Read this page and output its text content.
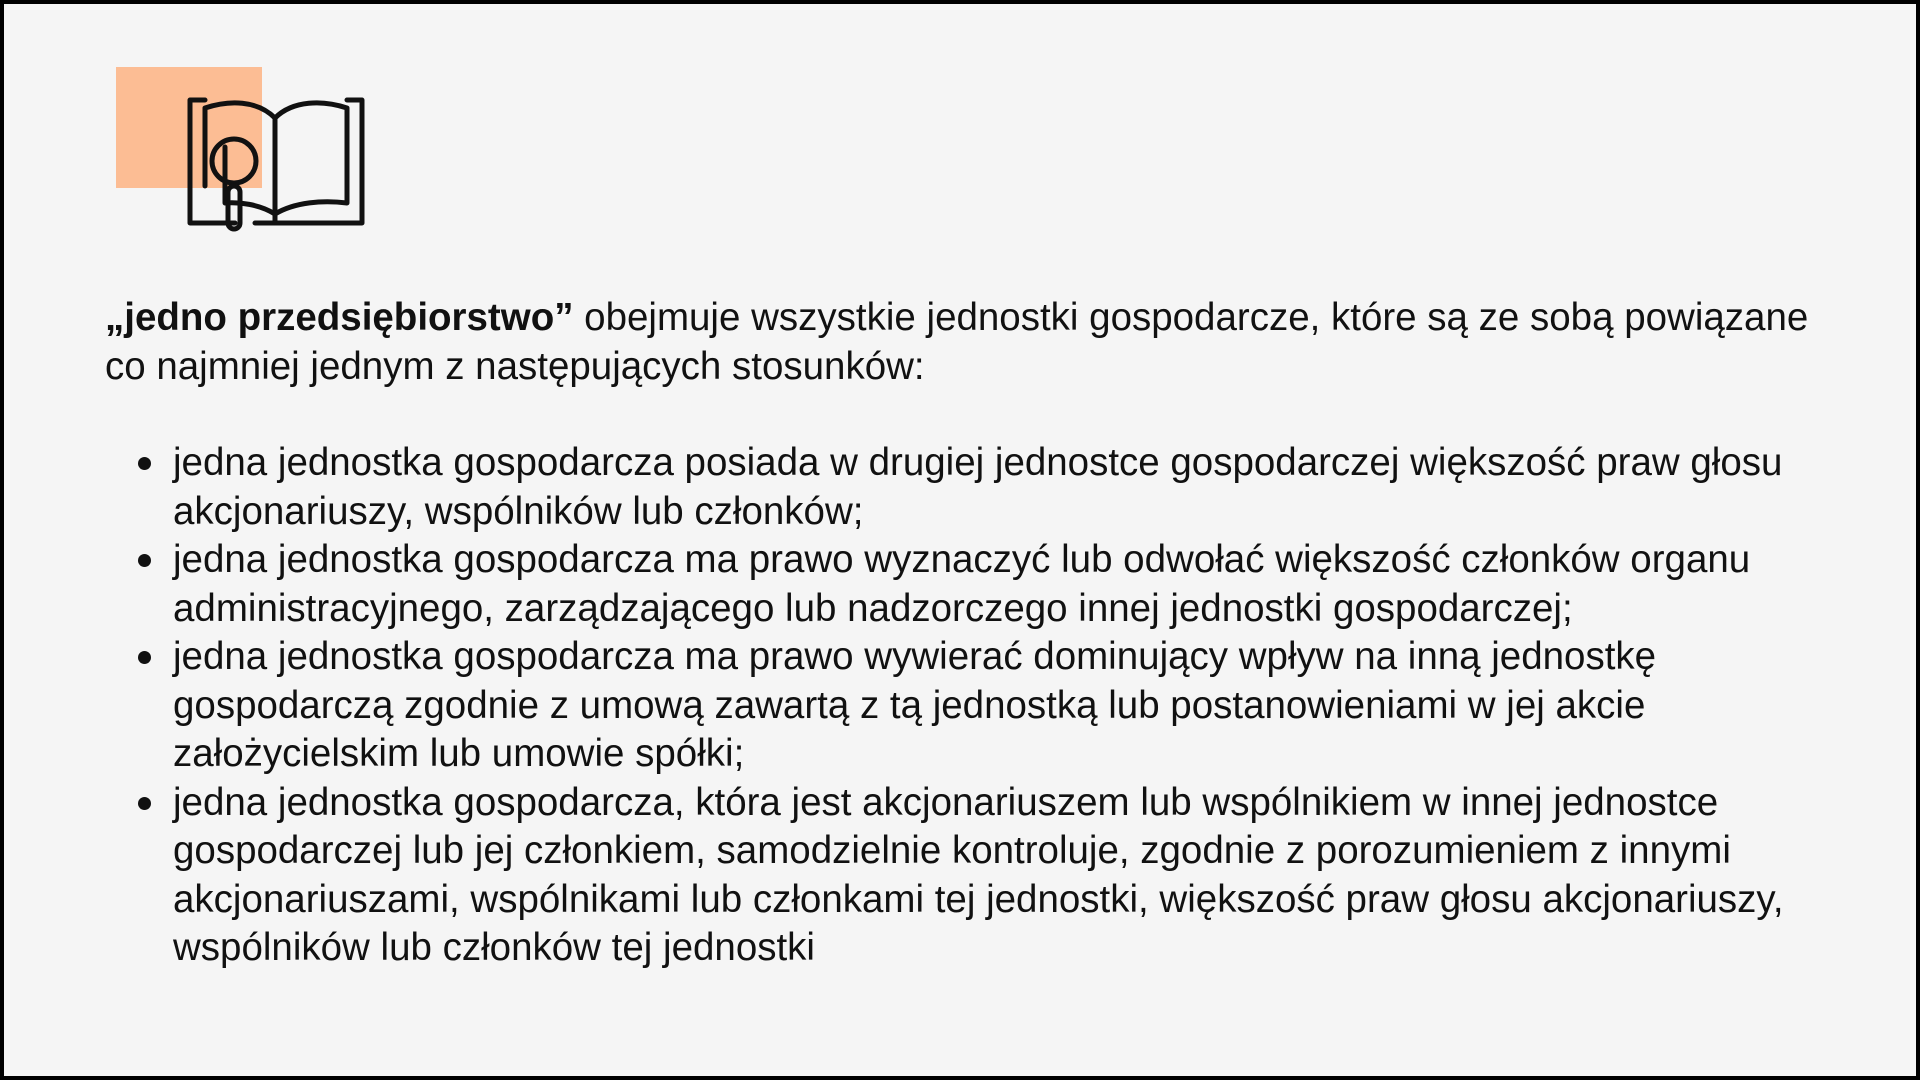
„jedno przedsiębiorstwo” obejmuje wszystkie jednostki gospodarcze, które są ze sobą powiązane co najmniej jednym z następujących stosunków:

jedna jednostka gospodarcza posiada w drugiej jednostce gospodarczej większość praw głosu akcjonariuszy, wspólników lub członków;
jedna jednostka gospodarcza ma prawo wyznaczyć lub odwołać większość członków organu administracyjnego, zarządzającego lub nadzorczego innej jednostki gospodarczej;
jedna jednostka gospodarcza ma prawo wywierać dominujący wpływ na inną jednostkę gospodarczą zgodnie z umową zawartą z tą jednostką lub postanowieniami w jej akcie założycielskim lub umowie spółki;
jedna jednostka gospodarcza, która jest akcjonariuszem lub wspólnikiem w innej jednostce gospodarczej lub jej członkiem, samodzielnie kontroluje, zgodnie z porozumieniem z innymi akcjonariuszami, wspólnikami lub członkami tej jednostki, większość praw głosu akcjonariuszy, wspólników lub członków tej jednostki
